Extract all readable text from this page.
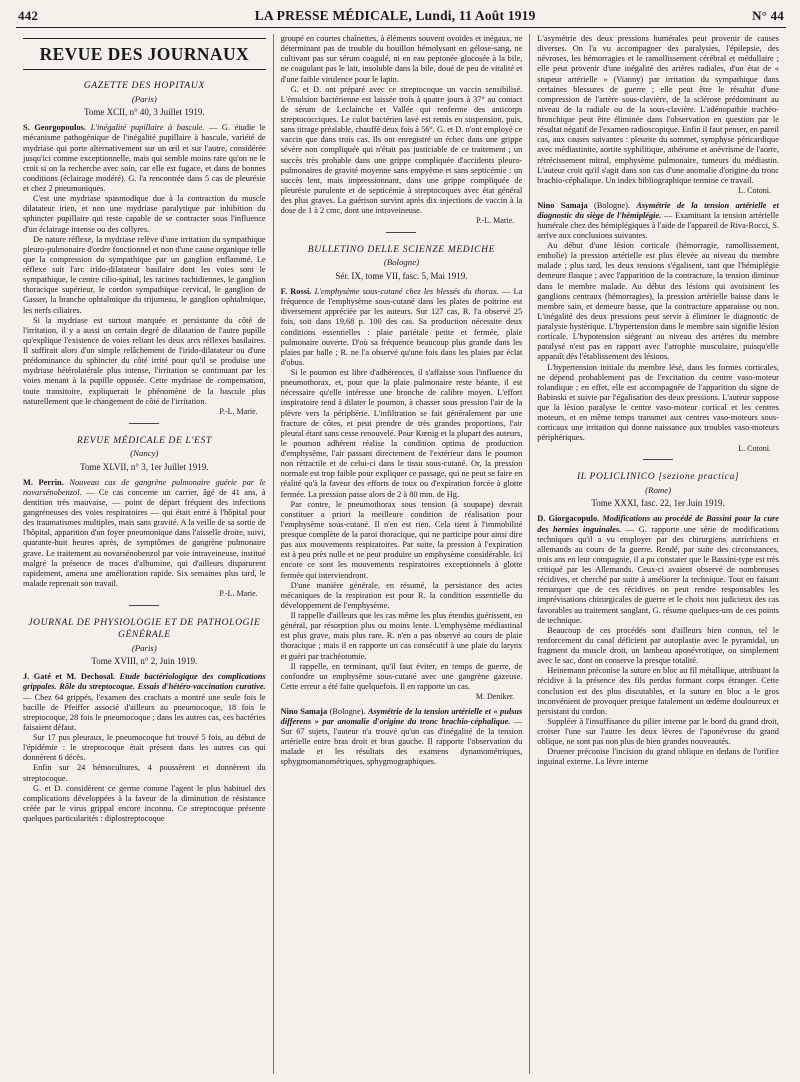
442	LA PRESSE MÉDICALE, Lundi, 11 Août 1919	N° 44
REVUE DES JOURNAUX
GAZETTE DES HOPITAUX
(Paris)
Tome XCII, n° 40, 3 Juillet 1919.

S. Georgopoulos. L'inégalité pupillaire à bascule. — G. étudie le mécanisme pathogénique de l'inégalité pupillaire à bascule, variété de mydriase qui porte alternativement sur un œil et sur l'autre, considérée jusqu'ici comme exceptionnelle, mais qui semble moins rare qu'on ne le croit si on la recherche avec soin, car elle est fugace, et dans de bonnes conditions (éclairage modéré). G. l'a rencontrée dans 5 cas de pleurésie et chez 2 pneumoniques.

C'est une mydriase spasmodique due à la contraction du muscle dilatateur irien, et non une mydriase paralytique par inhibition du sphincter pupillaire qui reste capable de se contracter sous l'influence d'un éclairage intense ou des collyres.

De nature réflexe, la mydriase relève d'une irritation du sympathique pleuro-pulmonaire d'ordre fonctionnel et non d'une cause organique telle que la compression du sympathique par un ganglion enflammé. Le réflexe suit l'arc irido-dilatateur basilaire dont les voies sont le sympathique, le centre cilio-spinal, les racines rachidiennes, le ganglion thoracique supérieur, le cordon sympathique cervical, le ganglion de Gasser, la branche ophtalmique du trijumeau, le ganglion ophtalmique, les nerfs ciliaires.

Si la mydriase est surtout marquée et persistante du côté de l'irritation, il y a aussi un certain degré de dilatation de l'autre pupille qu'explique l'existence de voies reliant les deux arcs réflexes basilaires. Il suffirait alors d'un simple relâchement de l'irido-dilatateur ou d'une prédominance du sphincter du côté irrité pour qu'il se produise une mydriase hétérolatérale plus intense, l'irritation se continuant par les voies menant à la pupille opposée. Cette mydriase de compensation, toute transitoire, expliquerait le phénomène de la bascule plus naturellement que le changement de côté de l'irritation.

P.-L. Marie.
REVUE MÉDICALE DE L'EST
(Nancy)
Tome XLVII, n° 3, 1er Juillet 1919.

M. Perrin. Nouveau cas de gangrène pulmonaire guérie par le novarsénobenzol. — Ce cas concerne un carrier, âgé de 41 ans, à dentition très mauvaise, — point de départ fréquent des infections gangréneuses des voies respiratoires — qui était entré à l'hôpital pour des traumatismes multiples, mais sans gravité. A la veille de sa sortie de l'hôpital, apparition d'un foyer pneumonique dans l'aisselle droite, suivi, quarante-huit heures après, de symptômes de gangrène pulmonaire grave. Le traitement au novarsénobenzol par voie intraveineuse, institué malgré la présence de traces d'albumine, qui d'ailleurs disparurent rapidement, amena une amélioration rapide. Six semaines plus tard, le malade reprenait son travail.

P.-L. Marie.
JOURNAL DE PHYSIOLOGIE ET DE PATHOLOGIE GÉNÉRALE
(Paris)
Tome XVIII, n° 2, Juin 1919.

J. Gaté et M. Dechosal. Etude bactériologique des complications grippales. Rôle du streptocoque. Essais d'hétéro-vaccination curative. — Chez 64 grippés, l'examen des crachats a montré une seule fois le bacille de Pfeiffer associé d'ailleurs au pneumocoque, 18 fois le streptocoque, 28 fois le pneumocoque ; dans les autres cas, ces bactéries faisaient défaut.

Sur 17 pus pleuraux, le pneumocoque fut trouvé 5 fois, au début de l'épidémie : le streptocoque était présent dans les autres cas qui donnèrent 6 décès.

Enfin sur 24 hémocultures, 4 poussèrent et donnèrent du streptocoque.

G. et D. considèrent ce germe comme l'agent le plus habituel des complications développées à la faveur de la diminution de résistance créée par le virus grippal encore inconnu. Ce streptocoque présente quelques particularités : diplostreptocoque

groupé en courtes chaînettes, à éléments souvent ovoïdes et inégaux, ne déterminant pas de trouble du bouillon hémolysant en gélose-sang, ne cultivant pas sur sérum coagulé, ni en eau peptonée glucosée à la bile, ne coagulant pas le lait, insoluble dans la bile, doué de peu de vitalité et d'une faible virulence pour le lapin.

G. et D. ont préparé avec ce streptocoque un vaccin sensibilisé. L'émulsion bactérienne est laissée trois à quatre jours à 37° au contact de sérum de Leclainche et Vallée qui renferme des anticorps streptococciques. Le culot bactérien lavé est remis en suspension, puis, sans titrage préalable, chauffé deux fois à 56°. G. et D. n'ont employé ce vaccin que dans trois cas. Ils ont enregistré un échec dans une grippe sévère non compliquée qui n'était pas justiciable de ce traitement ; un succès très probable dans une grippe compliquée d'accidents pleuro-pulmonaires de gravité moyenne sans empyème et sans septicémie : un succès lent, mais impressionnant, dans une grippe compliquée de pleurésie purulente et de septicémie à streptocoques avec état général des plus graves. La guérison survint après dix injections de vaccin à la dose de 1 à 2 cmc, dont une intraveineuse.

P.-L. Marie.
BULLETINO DELLE SCIENZE MEDICHE
(Bologne)
Sér. IX, tome VII, fasc. 5, Mai 1919.

F. Rossi. L'emphysème sous-cutané chez les blessés du thorax. — La fréquence de l'emphysème sous-cutané dans les plaies de poitrine est diversement appréciée par les auteurs. Sur 127 cas, R. l'a observé 25 fois, soit dans 19,68 p. 100 des cas. Sa production nécessite deux conditions essentielles : plaie pariétale petite et fermée, plaie pulmonaire ouverte. D'où sa fréquence beaucoup plus grande dans les plaies par balle ; R. ne l'a observé qu'une fois dans les plaies par éclat d'obus.

Si le poumon est libre d'adhérences, il s'affaisse sous l'influence du pneumothorax, et, pour que la plaie pulmonaire reste béante, il est nécessaire qu'elle intéresse une bronche de calibre moyen. L'effort inspiratoire tend à dilater le poumon, à chasser sous pression l'air de la plèvre vers la périphérie. L'infiltration se fait généralement par une fracture de côtes, et peut prendre de très grandes proportions, l'air pleural étant sans cesse renouvelé. Pour Kœnig et la plupart des auteurs, le poumon adhérent réalise la condition optima de production d'emphysème, l'air passant directement de l'extérieur dans le poumon non rétractile et de celui-ci dans le tissu sous-cutané. Or, la pression normale est trop faible pour expliquer ce passage, qui ne peut se faire en réalité qu'à la faveur des efforts de toux ou d'expiration forcée à glotte fermée. La pression passe alors de 2 à 80 mm. de Hg.

Par contre, le pneumothorax sous tension (à soupape) devrait constituer a priori la meilleure condition de réalisation pour l'emphysème sous-cutané. Il n'en est rien. Cela tient à l'immobilité presque complète de la paroi thoracique, qui ne participe pour ainsi dire pas aux mouvements respiratoires. Par suite, la pression à l'expiration est à peu près nulle et ne peut produire un emphysème considérable. Ici encore ce sont les mouvements respiratoires exceptionnels à glotte fermée qui interviendront.

D'une manière générale, en résumé, la persistance des actes mécaniques de la respiration est pour R. la condition essentielle du développement de l'emphysème.

Il rappelle d'ailleurs que les cas même les plus étendus guérissent, en général, par résorption plus ou moins lente. L'emphysème médiastinal est plus grave, mais plus rare. R. n'en a pas observé au cours de plaie thoracique ; mais il en rapporte un cas consécutif à une plaie du larynx et guéri par trachéotomie.

Il rappelle, en terminant, qu'il faut éviter, en temps de guerre, de confondre un emphysème sous-cutané avec une gangrène gazeuse. Cette erreur a été faite quelquefois. Il en rapporte un cas.

M. Deniker.

Nino Samaja (Bologne). Asymétrie de la tension artérielle et « pulsus differens » par anomalie d'origine du tronc brachio-céphalique. — Sur 67 sujets, l'auteur n'a trouvé qu'un cas d'inégalité de la tension artérielle entre bras droit et bras gauche. Il rapporte l'observation du malade et les résultats des examens dynamométriques, sphygmomanométriques, sphygmographiques.

L'asymétrie des deux pressions humérales peut provenir de causes diverses. On l'a vu accompagner des paralysies, l'épilepsie, des névroses, les hémorragies et le ramollissement cérébral et médullaire ; elle peut provenir d'une inégalité des artères radiales, d'un état de « stupeur artérielle » (Vianny) par irritation du sympathique dans certaines blessures de guerre ; elle peut être le résultat d'une compression de l'artère sous-clavière, de la sclérose prédominant au niveau de la radiale ou de la sous-clavière. L'adénopathie trachéo-bronchique peut être éliminée dans l'observation en question par le résultat négatif de l'examen radioscopique. Enfin il faut penser, en pareil cas, aux causes suivantes : pleurite du sommet, symphyse péricardique avec médiastinite, aortite syphilitique, athérome et anévrisme de l'aorte, rétrécissement mitral, emphysème pulmonaire, tumeurs du médiastin. L'auteur croit qu'il s'agit dans son cas d'une anomalie d'origine du tronc brachio-céphalique. Un index bibliographique termine ce travail.

L. Cotoni.

Nino Samaja (Bologne). Asymétrie de la tension artérielle et diagnostic du siège de l'hémiplégie. — Examinant la tension artérielle humérale chez des hémiplégiques à l'aide de l'appareil de Riva-Rocci, S. arrive aux conclusions suivantes.

Au début d'une lésion corticale (hémorragie, ramollissement, embolie) la pression artérielle est plus élevée au niveau du membre malade ; plus tard, les deux tensions s'égalisent, tant que l'hémiplégie demeure flasque ; avec l'apparition de la contracture, la tension diminue dans le membre malade. Au début des lésions qui avoisinent les ganglions centraux (hémorragies), la pression artérielle baisse dans le membre sain, et demeure basse, que la contracture apparaisse ou non. L'inégalité des deux pressions peut servir à éliminer le diagnostic de paralysie hystérique. L'hypertension dans le membre sain signifie lésion corticale. L'hypotension siégeant au niveau des artères du membre paralysé n'est pas en rapport avec l'atrophie musculaire, puisqu'elle apparaît dès l'établissement des lésions.

L'hypertension initiale du membre lésé, dans les formes corticales, ne dépend probablement pas de l'excitation du centre vaso-moteur rolandique ; en effet, elle est accompagnée de l'apparition du signe de Babinski et suivie par l'égalisation des deux pressions. L'auteur suppose que la lésion paralyse le centre vaso-moteur cortical et les centres moteurs, et en même temps transmet aux centres vaso-moteurs sous-corticaux une irritation qui donne naissance aux troubles vaso-moteurs périphériques.

L. Cotoni.
IL POLICLINICO [sezione practica]
(Rome)
Tome XXXI, fasc. 22, 1er Juin 1919.

D. Giorgacopulo. Modifications au procédé de Bassini pour la cure des hernies inguinales. — G. rapporte une série de modifications techniques qu'il a vu employer par des chirurgiens autrichiens et allemands au cours de la guerre. Rendé, par suite des circonstances, trois ans en leur compagnie, il a pu constater que le Bassini-type est très critiqué par les Allemands. Ceux-ci avaient observé de nombreuses récidives, et cherché par suite à améliorer la technique. Tout en faisant remarquer que de ces récidives on peut rendre responsables les imprévisations chirurgicales de guerre et le choix non judicieux des cas favorables au traitement sanglant, G. résume quelques-uns de ces points de technique.

Beaucoup de ces procédés sont d'ailleurs bien connus, tel le renforcement du canal déficient par autoplastie avec le pyramidal, un fragment du muscle droit, un lambeau aponévrotique, ou simplement avec le sac, dont on conserve la presque totalité.

Heinemann préconise la suture en bloc au fil métallique, attribuant la récidive à la présence des fils perdus formant corps étranger. Cette conclusion est des plus discutables, et la suture en bloc a le gros inconvénient de provoquer presque fatalement un œdème douloureux et persistant du cordon.

Suppléer à l'insuffisance du pilier interne par le bord du grand droit, croiser l'une sur l'autre les deux lèvres de l'aponévrose du grand oblique, ne sont pas non plus de bien grandes nouveautés.

Druener préconise l'incision du grand oblique en dedans de l'orifice inguinal externe. La lèvre interne
